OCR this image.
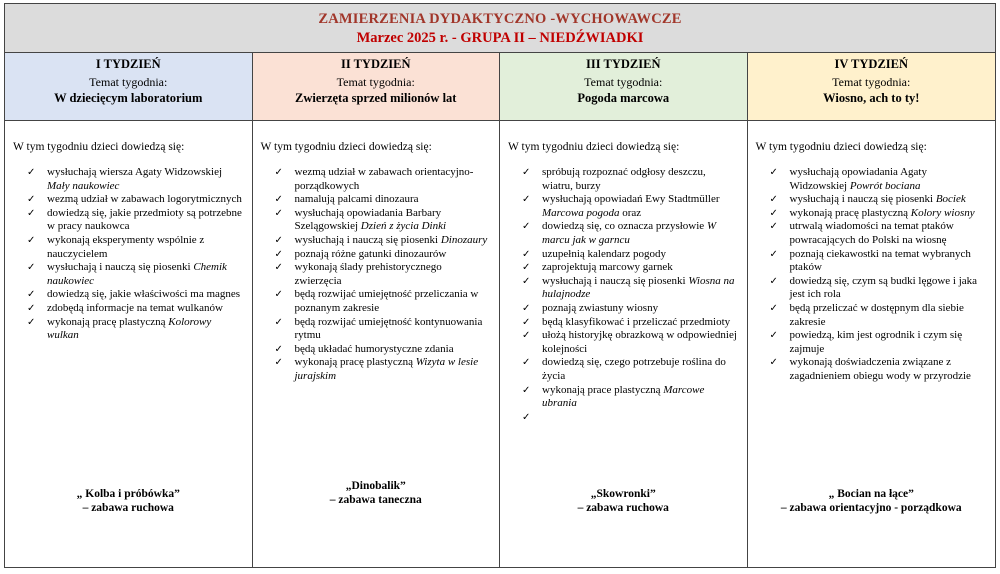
ZAMIERZENIA DYDAKTYCZNO -WYCHOWAWCZE
Marzec 2025 r. - GRUPA II – NIEDŹWIADKI
I TYDZIEŃ
Temat tygodnia:
W dziecięcym laboratorium
W tym tygodniu dzieci dowiedzą się:
✓ wysłuchają wiersza Agaty Widzowskiej Mały naukowiec
✓ wezmą udział w zabawach logorytmicznych
✓ dowiedzą się, jakie przedmioty są potrzebne w pracy naukowca
✓ wykonają eksperymenty wspólnie z nauczycielem
✓ wysłuchają i nauczą się piosenki Chemik naukowiec
✓ dowiedzą się, jakie właściwości ma magnes
✓ zdobędą informacje na temat wulkanów
✓ wykonają pracę plastyczną Kolorowy wulkan
„ Kolba i próbówka”
– zabawa ruchowa
II TYDZIEŃ
Temat tygodnia:
Zwierzęta sprzed milionów lat
W tym tygodniu dzieci dowiedzą się:
✓ wezmą udział w zabawach orientacyjno-porządkowych
✓ namalują palcami dinozaura
✓ wysłuchają opowiadania Barbary Szelągowskiej Dzień z życia Dinki
✓ wysłuchają i nauczą się piosenki Dinozaury
✓ poznają różne gatunki dinozaurów
✓ wykonają ślady prehistorycznego zwierzęcia
✓ będą rozwijać umiejętność przeliczania w poznanym zakresie
✓ będą rozwijać umiejętność kontynuowania rytmu
✓ będą układać humorystyczne zdania
✓ wykonają pracę plastyczną Wizyta w lesie jurajskim
„Dinobalik”
– zabawa taneczna
III TYDZIEŃ
Temat tygodnia:
Pogoda marcowa
W tym tygodniu dzieci dowiedzą się:
✓ spróbują rozpoznać odgłosy deszczu, wiatru, burzy
✓ wysłuchają opowiadań Ewy Stadtmüller Marcowa pogoda oraz
✓ dowiedzą się, co oznacza przysłowie W marcu jak w garncu
✓ uzupełnią kalendarz pogody
✓ zaprojektują marcowy garnek
✓ wysłuchają i nauczą się piosenki Wiosna na hulajnodze
✓ poznają zwiastuny wiosny
✓ będą klasyfikować i przeliczać przedmioty
✓ ułożą historyjkę obrazkową w odpowiedniej kolejności
✓ dowiedzą się, czego potrzebuje roślina do życia
✓ wykonają prace plastyczną Marcowe ubrania
✓
„Skowronki”
– zabawa ruchowa
IV TYDZIEŃ
Temat tygodnia:
Wiosno, ach to ty!
W tym tygodniu dzieci dowiedzą się:
✓ wysłuchają opowiadania Agaty Widzowskiej Powrót bociana
✓ wysłuchają i nauczą się piosenki Bociek
✓ wykonają pracę plastyczną Kolory wiosny
✓ utrwalą wiadomości na temat ptaków powracających do Polski na wiosnę
✓ poznają ciekawostki na temat wybranych ptaków
✓ dowiedzą się, czym są budki lęgowe i jaka jest ich rola
✓ będą przeliczać w dostępnym dla siebie zakresie
✓ powiedzą, kim jest ogrodnik i czym się zajmuje
✓ wykonają doświadczenia związane z zagadnieniem obiegu wody w przyrodzie
„ Bocian na łące”
– zabawa orientacyjno - porządkowa
